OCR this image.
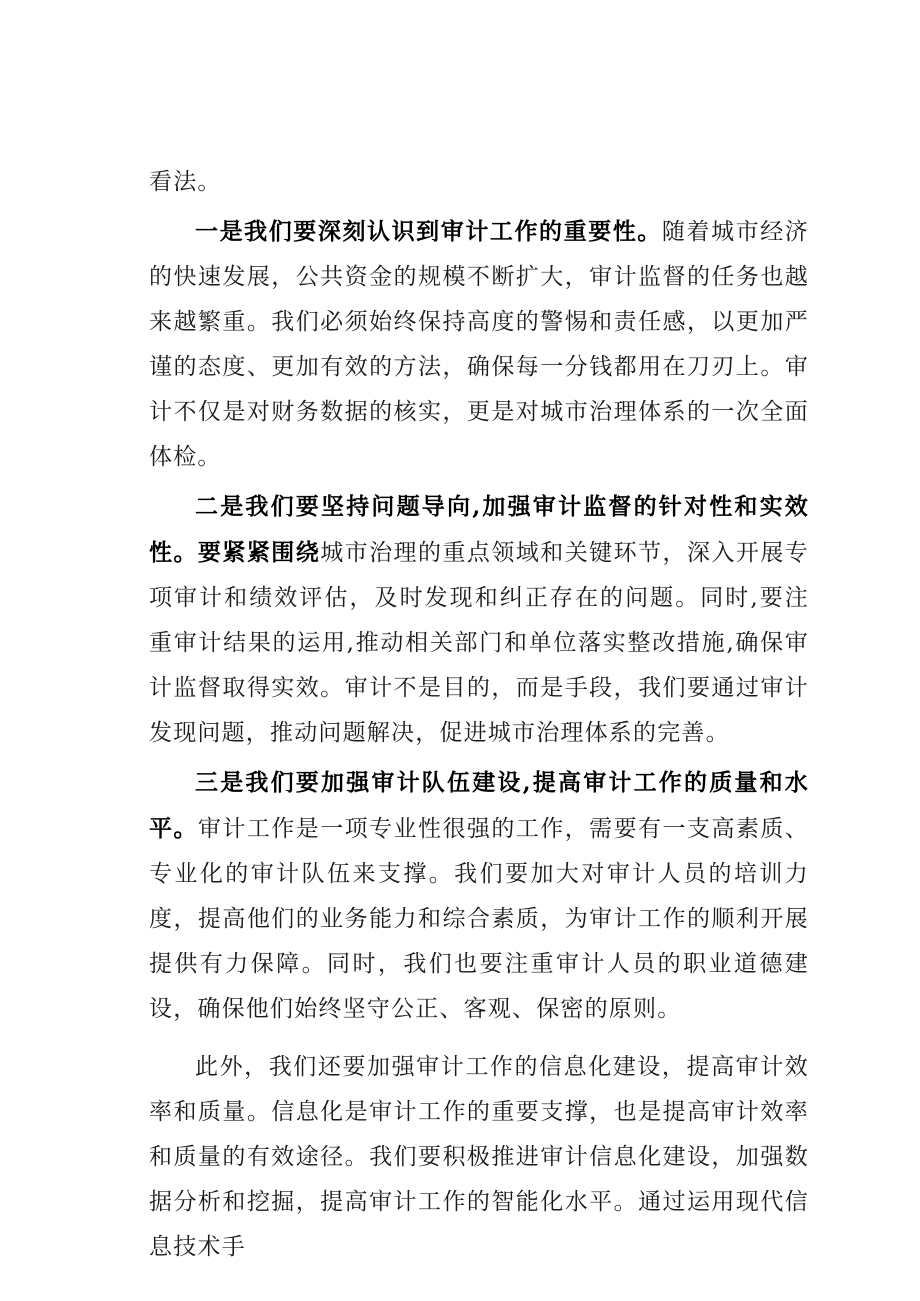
看法。

一是我们要深刻认识到审计工作的重要性。随着城市经济的快速发展，公共资金的规模不断扩大，审计监督的任务也越来越繁重。我们必须始终保持高度的警惕和责任感，以更加严谨的态度、更加有效的方法，确保每一分钱都用在刀刃上。审计不仅是对财务数据的核实，更是对城市治理体系的一次全面体检。

二是我们要坚持问题导向,加强审计监督的针对性和实效性。要紧紧围绕城市治理的重点领域和关键环节，深入开展专项审计和绩效评估，及时发现和纠正存在的问题。同时,要注重审计结果的运用,推动相关部门和单位落实整改措施,确保审计监督取得实效。审计不是目的，而是手段，我们要通过审计发现问题，推动问题解决，促进城市治理体系的完善。

三是我们要加强审计队伍建设,提高审计工作的质量和水平。审计工作是一项专业性很强的工作，需要有一支高素质、专业化的审计队伍来支撑。我们要加大对审计人员的培训力度，提高他们的业务能力和综合素质，为审计工作的顺利开展提供有力保障。同时，我们也要注重审计人员的职业道德建设，确保他们始终坚守公正、客观、保密的原则。

此外，我们还要加强审计工作的信息化建设，提高审计效率和质量。信息化是审计工作的重要支撑，也是提高审计效率和质量的有效途径。我们要积极推进审计信息化建设，加强数据分析和挖掘，提高审计工作的智能化水平。通过运用现代信息技术手
